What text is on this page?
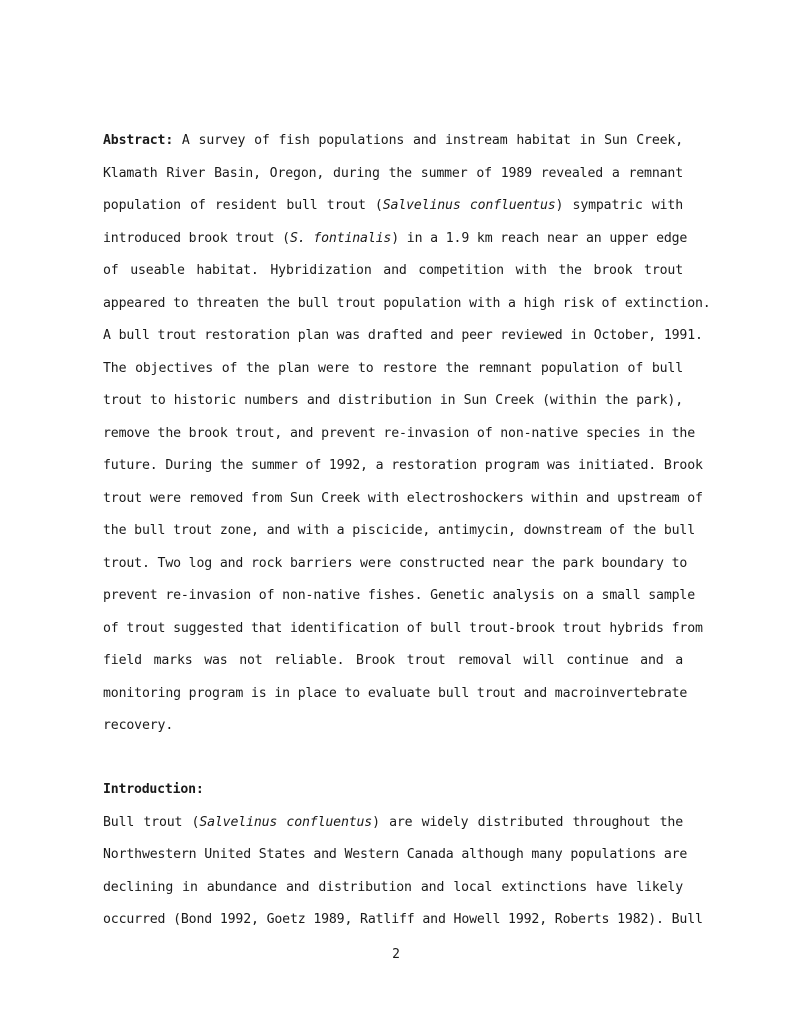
Abstract: A survey of fish populations and instream habitat in Sun Creek,
Klamath River Basin, Oregon, during the summer of 1989 revealed a remnant
population of resident bull trout (Salvelinus confluentus) sympatric with
introduced brook trout (S. fontinalis) in a 1.9 km reach near an upper edge
of useable habitat. Hybridization and competition with the brook trout
appeared to threaten the bull trout population with a high risk of extinction.
A bull trout restoration plan was drafted and peer reviewed in October, 1991.
The objectives of the plan were to restore the remnant population of bull
trout to historic numbers and distribution in Sun Creek (within the park),
remove the brook trout, and prevent re-invasion of non-native species in the
future. During the summer of 1992, a restoration program was initiated. Brook
trout were removed from Sun Creek with electroshockers within and upstream of
the bull trout zone, and with a piscicide, antimycin, downstream of the bull
trout. Two log and rock barriers were constructed near the park boundary to
prevent re-invasion of non-native fishes. Genetic analysis on a small sample
of trout suggested that identification of bull trout-brook trout hybrids from
field marks was not reliable. Brook trout removal will continue and a
monitoring program is in place to evaluate bull trout and macroinvertebrate
recovery.
Introduction:
Bull trout (Salvelinus confluentus) are widely distributed throughout the
Northwestern United States and Western Canada although many populations are
declining in abundance and distribution and local extinctions have likely
occurred (Bond 1992, Goetz 1989, Ratliff and Howell 1992, Roberts 1982). Bull
2
